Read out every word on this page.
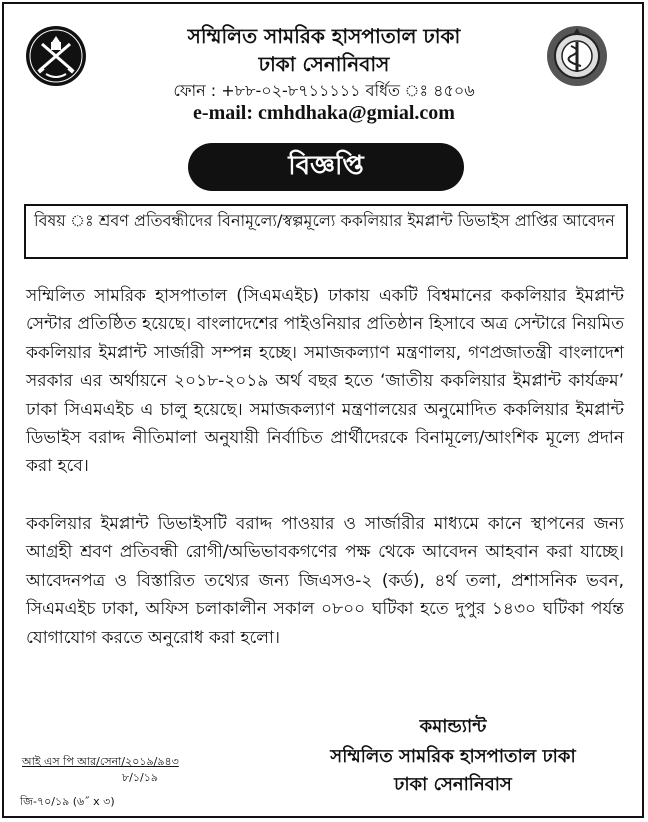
সম্মিলিত সামরিক হাসপাতাল ঢাকা
ঢাকা সেনানিবাস
ফোন : +৮৮-০২-৮৭১১১১১ বর্ধিত ঃ ৪৫০৬
e-mail: cmhdhaka@gmial.com
বিজ্ঞপ্তি
বিষয় ঃ শ্রবণ প্রতিবন্ধীদের বিনামূল্যে/স্বল্পমূল্যে ককলিয়ার ইমপ্লান্ট ডিভাইস প্রাপ্তির আবেদন
সম্মিলিত সামরিক হাসপাতাল (সিএমএইচ) ঢাকায় একটি বিশ্বমানের ককলিয়ার ইমপ্লান্ট সেন্টার প্রতিষ্ঠিত হয়েছে। বাংলাদেশের পাইওনিয়ার প্রতিষ্ঠান হিসাবে অত্র সেন্টারে নিয়মিত ককলিয়ার ইমপ্লান্ট সার্জারী সম্পন্ন হচ্ছে। সমাজকল্যাণ মন্ত্রণালয়, গণপ্রজাতন্ত্রী বাংলাদেশ সরকার এর অর্থায়নে ২০১৮-২০১৯ অর্থ বছর হতে ‘জাতীয় ককলিয়ার ইমপ্লান্ট কার্যক্রম’ ঢাকা সিএমএইচ এ চালু হয়েছে। সমাজকল্যাণ মন্ত্রণালয়ের অনুমোদিত ককলিয়ার ইমপ্লান্ট ডিভাইস বরাদ্দ নীতিমালা অনুযায়ী নির্বাচিত প্রার্থীদেরকে বিনামূল্যে/আংশিক মূল্যে প্রদান করা হবে।
ককলিয়ার ইমপ্লান্ট ডিভাইসটি বরাদ্দ পাওয়ার ও সার্জারীর মাধ্যমে কানে স্থাপনের জন্য আগ্রহী শ্রবণ প্রতিবন্ধী রোগী/অভিভাবকগণের পক্ষ থেকে আবেদন আহবান করা যাচ্ছে। আবেদনপত্র ও বিস্তারিত তথ্যের জন্য জিএসও-২ (কর্ড), ৪র্থ তলা, প্রশাসনিক ভবন, সিএমএইচ ঢাকা, অফিস চলাকালীন সকাল ০৮০০ ঘটিকা হতে দুপুর ১৪৩০ ঘটিকা পর্যন্ত যোগাযোগ করতে অনুরোধ করা হলো।
কমান্ড্যান্ট
সম্মিলিত সামরিক হাসপাতাল ঢাকা
ঢাকা সেনানিবাস
আই এস পি আর/সেনা/২০১৯/৯৪৩
৮/১/১৯
জি-৭০/১৯ (৬˝ x ৩)
